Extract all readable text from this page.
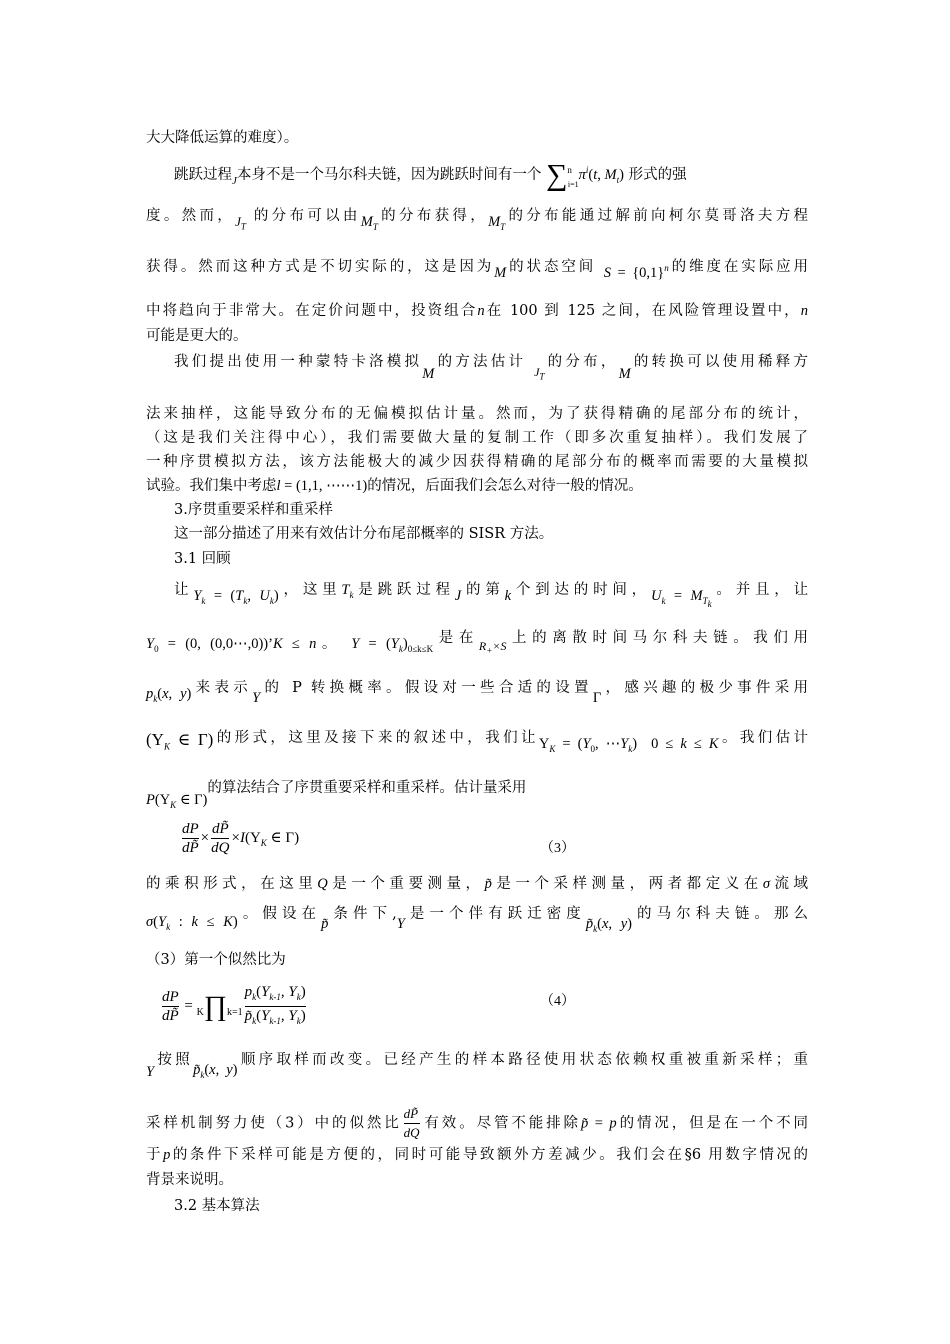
大大降低运算的难度）。
跳跃过程$_J$本身不是一个马尔科夫链，因为跳跃时间有一个 $\sum^n_{i=1}\pi^i(t$, $M_t$) 形式的强
度。然而，$J_T$ 的分布可以由$M_T$的分布获得，$M_T$的分布能通过解前向柯尔莫哥洛夫方程
获得。然而这种方式是不切实际的，这是因为M的状态空间 $S = \{0,1\}^n$的维度在实际应用
中将趋向于非常大。在定价问题中，投资组合n在 100 到 125 之间，在风险管理设置中，n
可能是更大的。
我们提出使用一种蒙特卡洛模拟M的方法估计 $_{J_T}$的分布，M的转换可以使用稀释方
法来抽样，这能导致分布的无偏模拟估计量。然而，为了获得精确的尾部分布的统计，
（这是我们关注得中心），我们需要做大量的复制工作（即多次重复抽样）。我们发展了
一种序贯模拟方法，该方法能极大的减少因获得精确的尾部分布的概率而需要的大量模拟
试验。我们集中考虑l = (1,1, ⋯⋯1)的情况，后面我们会怎么对待一般的情况。
3.序贯重要采样和重采样
这一部分描述了用来有效估计分布尾部概率的 SISR 方法。
3.1 回顾
让$Y_k = (T_k$, $U_k$)，这里$T_k$是跳跃过程J的第k个到达的时间，$U_k = M_{T_k}$。并且，让
$Y_0 = (0$, (0,0⋯,0))’K ≤ n。 $Y = (Y_k)_{0\le k\le K}$是在$_{R_+\times S}$上的离散时间马尔科夫链。我们用
$p_k(x$, y)来表示Y的 P 转换概率。假设对一些合适的设置Γ，感兴趣的极少事件采用
($\Upsilon_K$ ∈ Γ)的形式，这里及接下来的叙述中，我们让$\Upsilon_K = (Y_0$, $\cdots Y_k$)  0 ≤ k ≤ K。我们估计
$P(\Upsilon_K$ ∈ Γ)的算法结合了序贯重要采样和重采样。估计量采用
$\frac{dP}{dP̃} \times \frac{dP̃}{dQ} \times I(\Upsilon_K$ ∈ Γ)
（3）
的乘积形式，在这里Q是一个重要测量，p̃是一个采样测量，两者都定义在σ流域
$\sigma(Y_k$ : k ≤ K)。假设在p̃条件下,Y是一个伴有跃迁密度$p̃_k(x$, y)的马尔科夫链。那么
（3）第一个似然比为
$\frac{dP}{dP̃}$ = K∏k=1 $\frac{p_k(Y_{k-1}, Y_k)}{p̃_k(Y_{k-1}, Y_k)}$	（4）
Y按照$p̃_k(x$, y)顺序取样而改变。已经产生的样本路径使用状态依赖权重被重新采样；重
采样机制努力使（3）中的似然比 $\frac{dP̃}{dQ}$ 有效。尽管不能排除p̃ = p的情况，但是在一个不同
于p的条件下采样可能是方便的，同时可能导致额外方差减少。我们会在§6 用数字情况的
背景来说明。
3.2 基本算法
